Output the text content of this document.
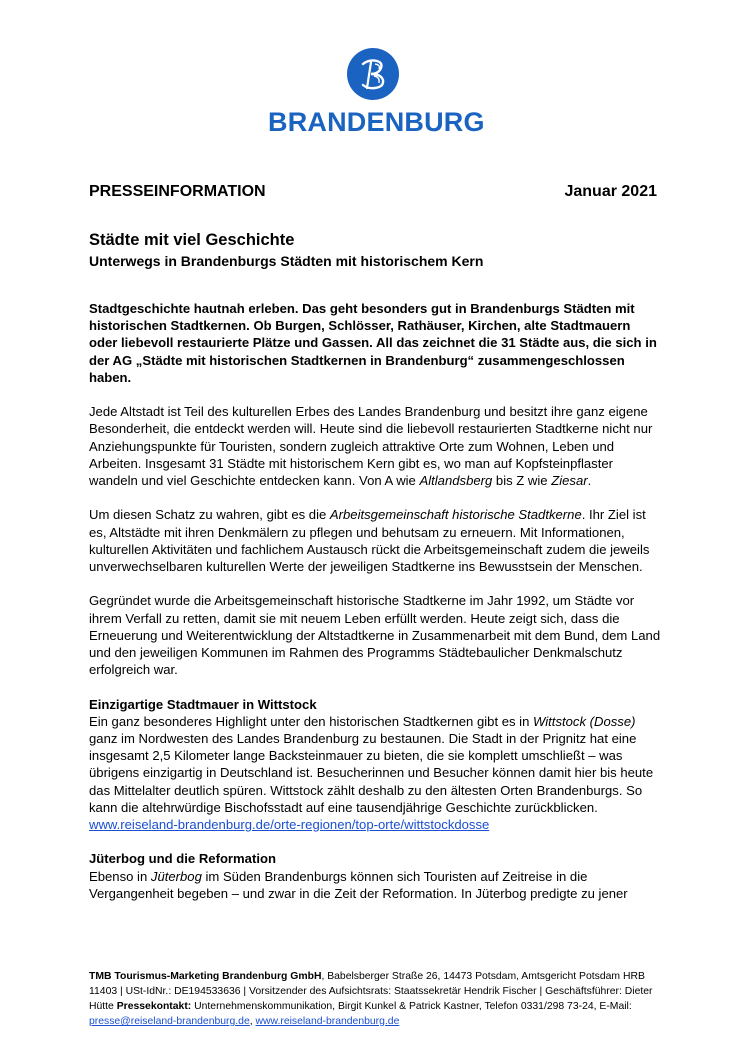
BRANDENBURG
PRESSEINFORMATION	Januar 2021
Städte mit viel Geschichte
Unterwegs in Brandenburgs Städten mit historischem Kern

Stadtgeschichte hautnah erleben. Das geht besonders gut in Brandenburgs Städten mit historischen Stadtkernen. Ob Burgen, Schlösser, Rathäuser, Kirchen, alte Stadtmauern oder liebevoll restaurierte Plätze und Gassen. All das zeichnet die 31 Städte aus, die sich in der AG „Städte mit historischen Stadtkernen in Brandenburg“ zusammengeschlossen haben.

Jede Altstadt ist Teil des kulturellen Erbes des Landes Brandenburg und besitzt ihre ganz eigene Besonderheit, die entdeckt werden will. Heute sind die liebevoll restaurierten Stadtkerne nicht nur Anziehungspunkte für Touristen, sondern zugleich attraktive Orte zum Wohnen, Leben und Arbeiten. Insgesamt 31 Städte mit historischem Kern gibt es, wo man auf Kopfsteinpflaster wandeln und viel Geschichte entdecken kann. Von A wie Altlandsberg bis Z wie Ziesar.

Um diesen Schatz zu wahren, gibt es die Arbeitsgemeinschaft historische Stadtkerne. Ihr Ziel ist es, Altstädte mit ihren Denkmälern zu pflegen und behutsam zu erneuern. Mit Informationen, kulturellen Aktivitäten und fachlichem Austausch rückt die Arbeitsgemeinschaft zudem die jeweils unverwechselbaren kulturellen Werte der jeweiligen Stadtkerne ins Bewusstsein der Menschen.

Gegründet wurde die Arbeitsgemeinschaft historische Stadtkerne im Jahr 1992, um Städte vor ihrem Verfall zu retten, damit sie mit neuem Leben erfüllt werden. Heute zeigt sich, dass die Erneuerung und Weiterentwicklung der Altstadtkerne in Zusammenarbeit mit dem Bund, dem Land und den jeweiligen Kommunen im Rahmen des Programms Städtebaulicher Denkmalschutz erfolgreich war.

Einzigartige Stadtmauer in Wittstock

Ein ganz besonderes Highlight unter den historischen Stadtkernen gibt es in Wittstock (Dosse) ganz im Nordwesten des Landes Brandenburg zu bestaunen. Die Stadt in der Prignitz hat eine insgesamt 2,5 Kilometer lange Backsteinmauer zu bieten, die sie komplett umschließt – was übrigens einzigartig in Deutschland ist. Besucherinnen und Besucher können damit hier bis heute das Mittelalter deutlich spüren. Wittstock zählt deshalb zu den ältesten Orten Brandenburgs. So kann die altehrwürdige Bischofsstadt auf eine tausendjährige Geschichte zurückblicken.
www.reiseland-brandenburg.de/orte-regionen/top-orte/wittstockdosse

Jüterbog und die Reformation

Ebenso in Jüterbog im Süden Brandenburgs können sich Touristen auf Zeitreise in die Vergangenheit begeben – und zwar in die Zeit der Reformation. In Jüterbog predigte zu jener

TMB Tourismus-Marketing Brandenburg GmbH, Babelsberger Straße 26, 14473 Potsdam, Amtsgericht Potsdam HRB 11403 | USt-IdNr.: DE194533636 | Vorsitzender des Aufsichtsrats: Staatssekretär Hendrik Fischer | Geschäftsführer: Dieter Hütte Pressekontakt: Unternehmenskommunikation, Birgit Kunkel & Patrick Kastner, Telefon 0331/298 73-24, E-Mail: presse@reiseland-brandenburg.de, www.reiseland-brandenburg.de
